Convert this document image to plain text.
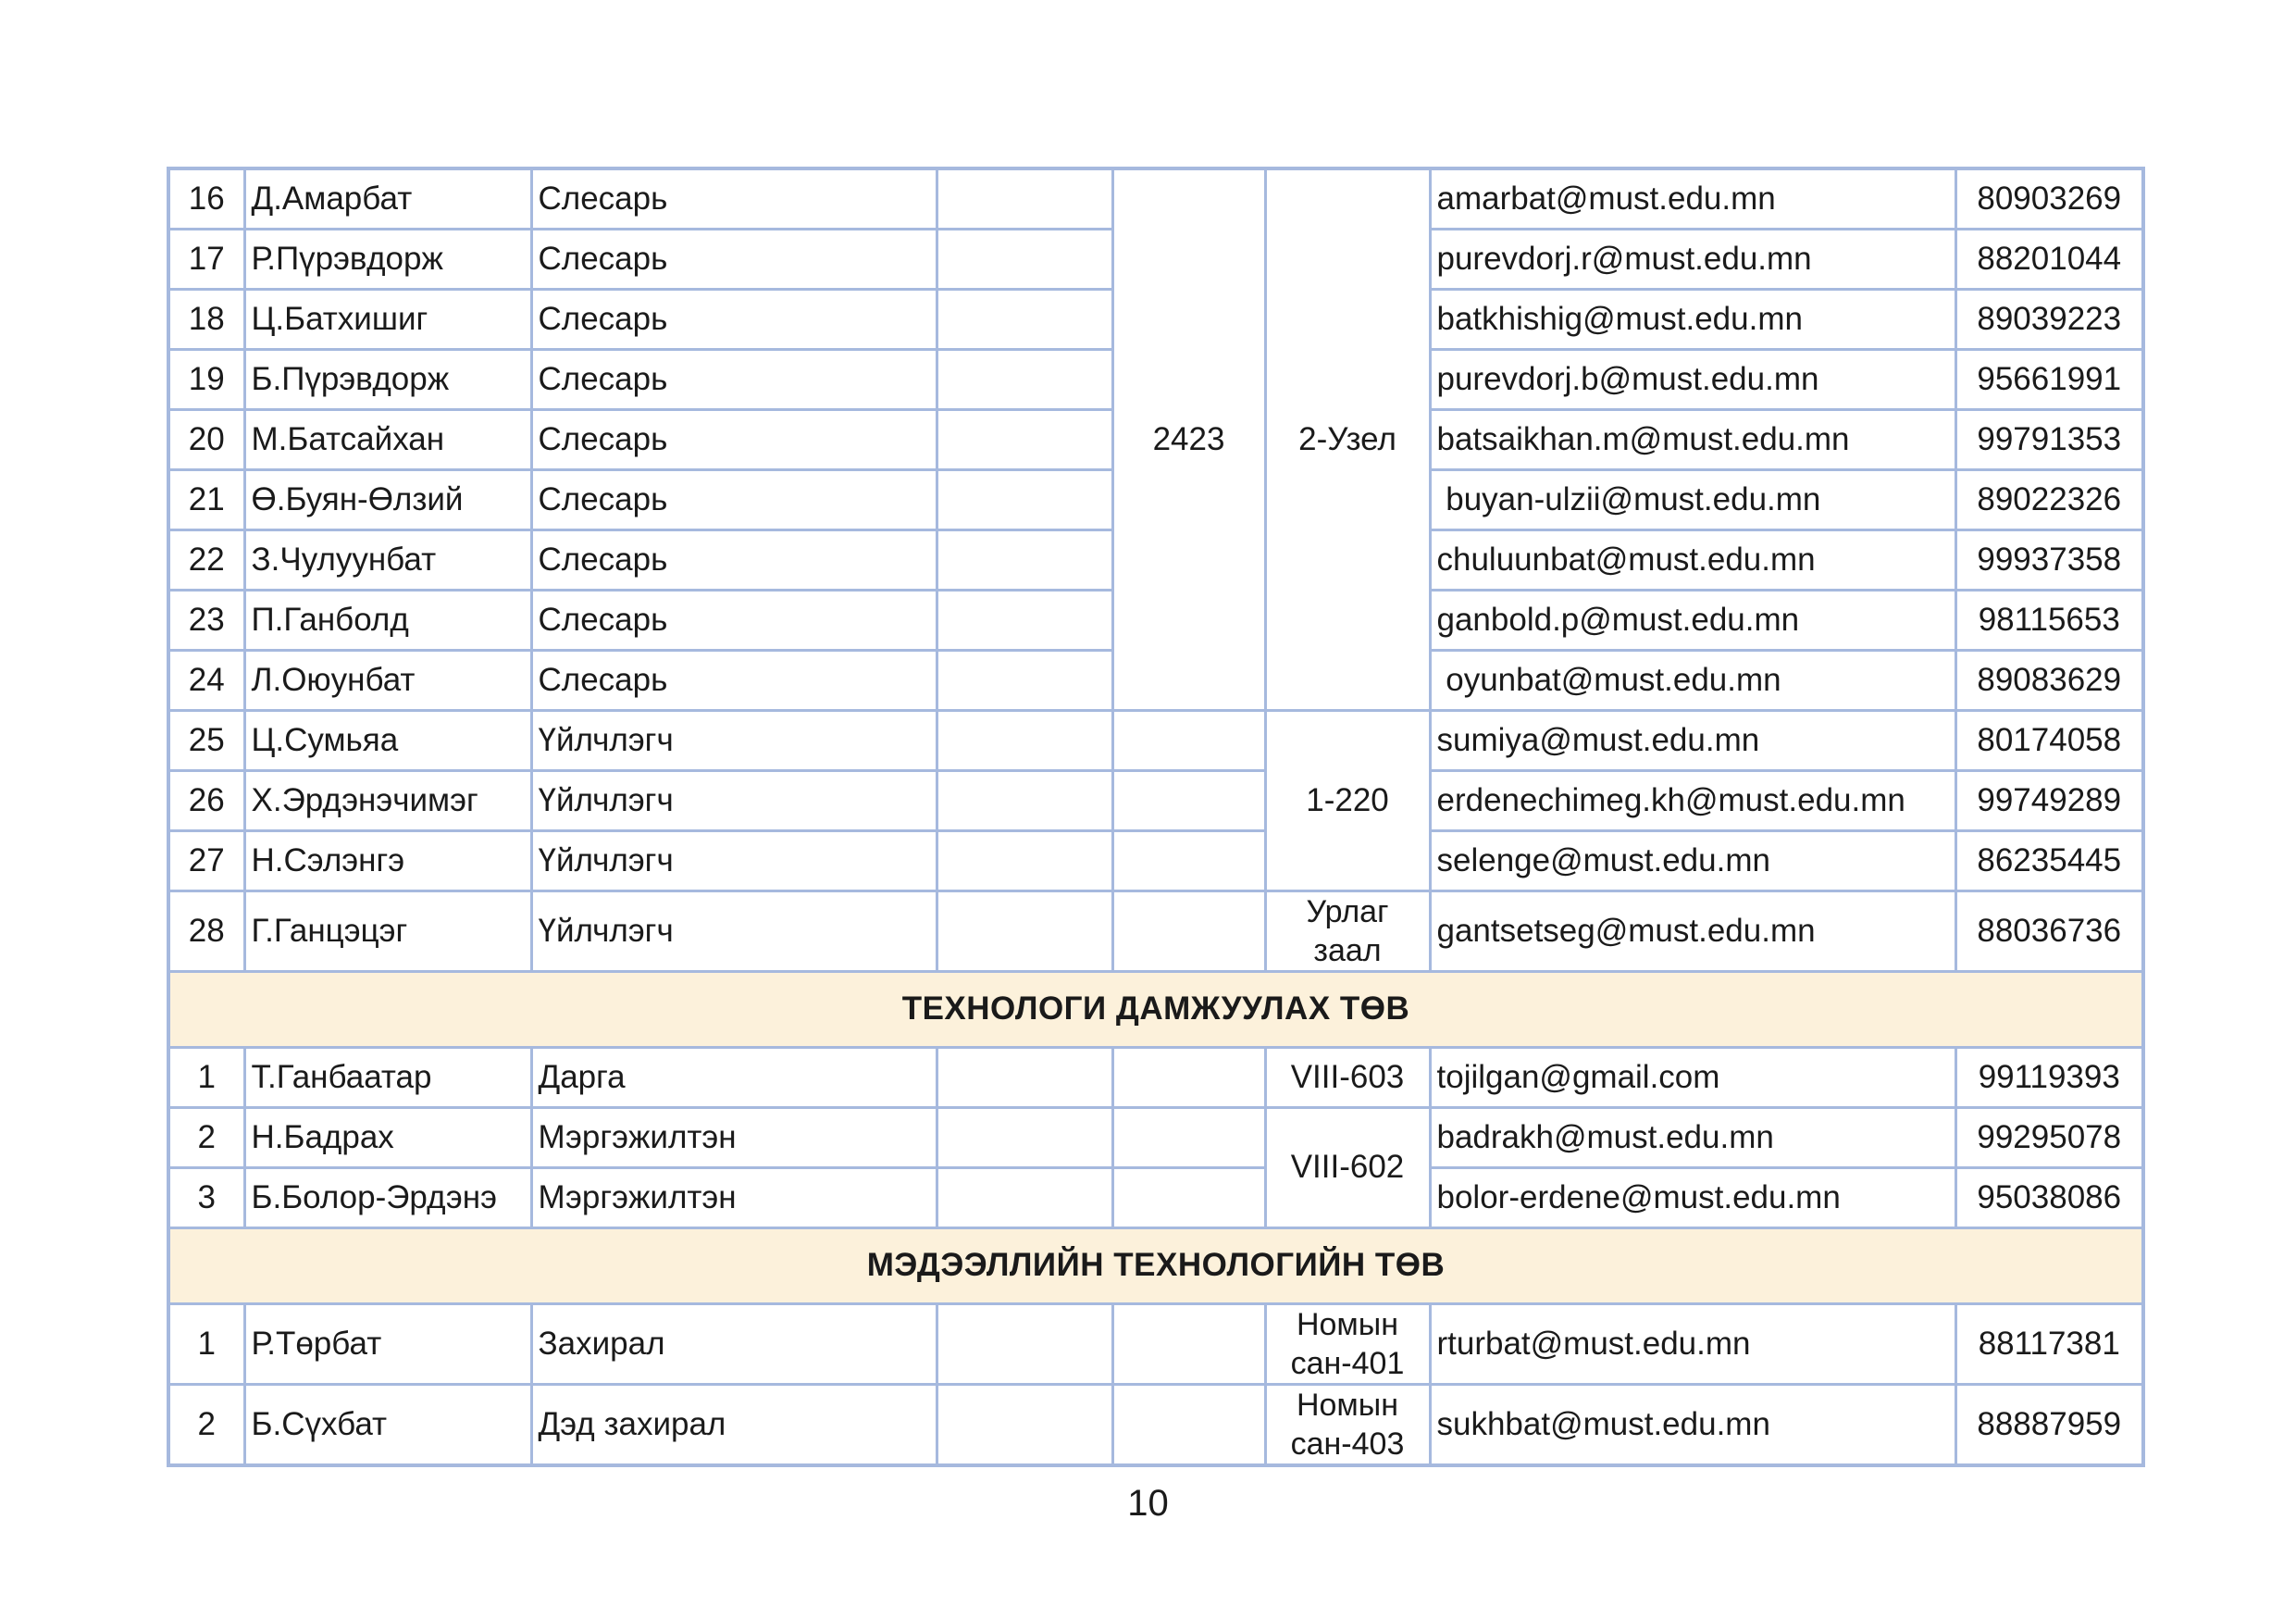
16	Д.Амарбат	Слесарь		2423	2-Узел	amarbat@must.edu.mn	80903269
17	Р.Пүрэвдорж	Слесарь				purevdorj.r@must.edu.mn	88201044
18	Ц.Батхишиг	Слесарь				batkhishig@must.edu.mn	89039223
19	Б.Пүрэвдорж	Слесарь				purevdorj.b@must.edu.mn	95661991
20	М.Батсайхан	Слесарь				batsaikhan.m@must.edu.mn	99791353
21	Ө.Буян-Өлзий	Слесарь				buyan-ulzii@must.edu.mn	89022326
22	З.Чулуунбат	Слесарь				chuluunbat@must.edu.mn	99937358
23	П.Ганболд	Слесарь				ganbold.p@must.edu.mn	98115653
24	Л.Оюунбат	Слесарь				oyunbat@must.edu.mn	89083629
25	Ц.Сумьяа	Үйлчлэгч			1-220	sumiya@must.edu.mn	80174058
26	Х.Эрдэнэчимэг	Үйлчлэгч				erdenechimeg.kh@must.edu.mn	99749289
27	Н.Сэлэнгэ	Үйлчлэгч				selenge@must.edu.mn	86235445
28	Г.Ганцэцэг	Үйлчлэгч			Урлаг заал	gantsetseg@must.edu.mn	88036736
ТЕХНОЛОГИ ДАМЖУУЛАХ ТӨВ							
1	Т.Ганбаатар	Дарга			VIII-603	tojilgan@gmail.com	99119393
2	Н.Бадрах	Мэргэжилтэн			VIII-602	badrakh@must.edu.mn	99295078
3	Б.Болор-Эрдэнэ	Мэргэжилтэн				bolor-erdene@must.edu.mn	95038086
МЭДЭЭЛЛИЙН ТЕХНОЛОГИЙН ТӨВ							
1	Р.Төрбат	Захирал			Номын сан-401	rturbat@must.edu.mn	88117381
2	Б.Сүхбат	Дэд захирал			Номын сан-403	sukhbat@must.edu.mn	88887959
10
